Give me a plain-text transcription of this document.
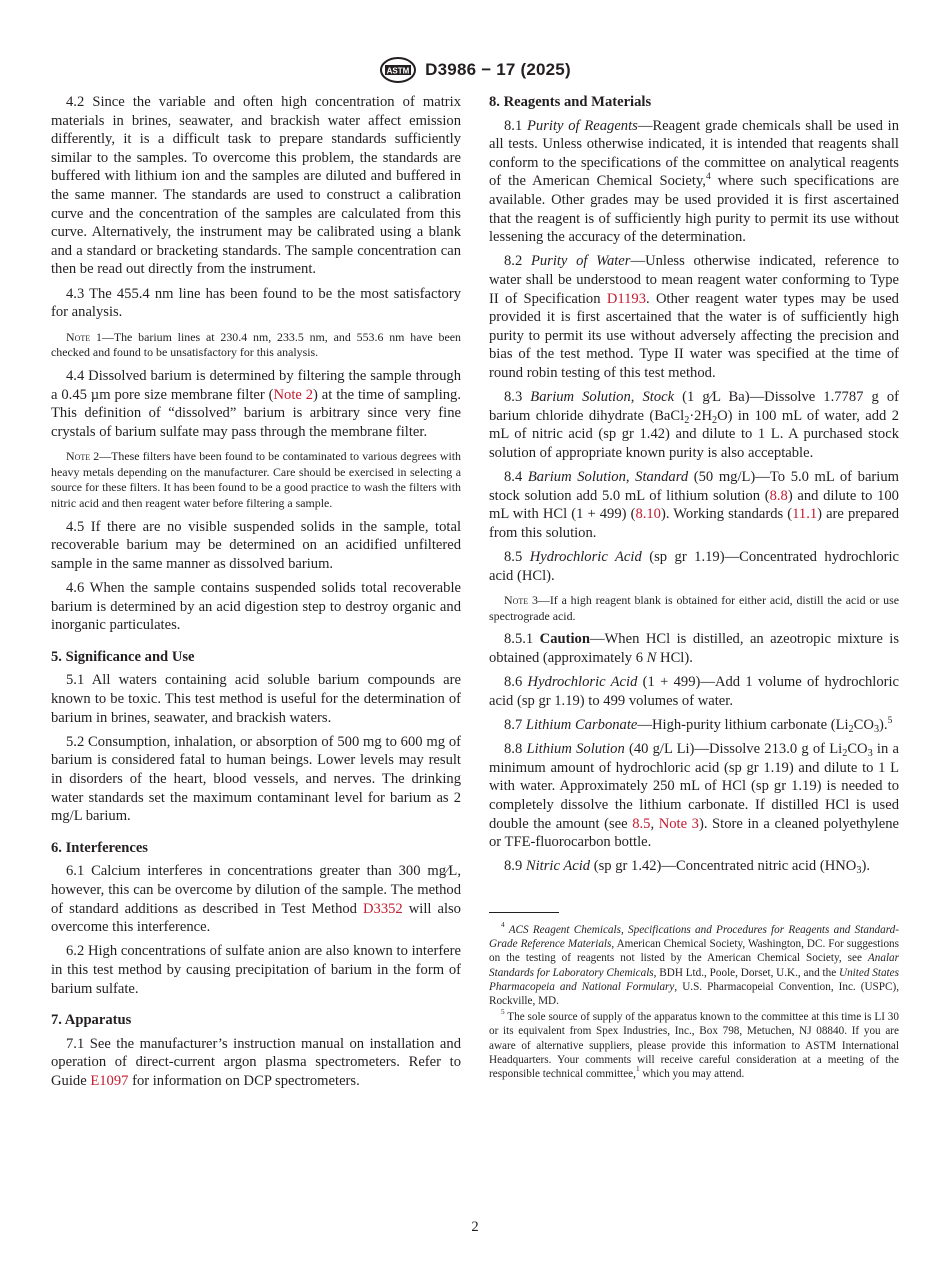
ASTM D3986 − 17 (2025)

4.2 Since the variable and often high concentration of matrix materials in brines, seawater, and brackish water affect emission differently, it is a difficult task to prepare standards sufficiently similar to the samples. To overcome this problem, the standards are buffered with lithium ion and the samples are diluted and buffered in the same manner. The standards are used to construct a calibration curve and the concentration of the samples are calculated from this curve. Alternatively, the instrument may be calibrated using a blank and a standard or bracketing standards. The sample concentration can then be read out directly from the instrument.

4.3 The 455.4 nm line has been found to be the most satisfactory for analysis.

Note 1—The barium lines at 230.4 nm, 233.5 nm, and 553.6 nm have been checked and found to be unsatisfactory for this analysis.

4.4 Dissolved barium is determined by filtering the sample through a 0.45 µm pore size membrane filter (Note 2) at the time of sampling. This definition of “dissolved” barium is arbitrary since very fine crystals of barium sulfate may pass through the membrane filter.

Note 2—These filters have been found to be contaminated to various degrees with heavy metals depending on the manufacturer. Care should be exercised in selecting a source for these filters. It has been found to be a good practice to wash the filters with nitric acid and then reagent water before filtering a sample.

4.5 If there are no visible suspended solids in the sample, total recoverable barium may be determined on an acidified unfiltered sample in the same manner as dissolved barium.

4.6 When the sample contains suspended solids total recoverable barium is determined by an acid digestion step to destroy organic and inorganic particulates.

5. Significance and Use

5.1 All waters containing acid soluble barium compounds are known to be toxic. This test method is useful for the determination of barium in brines, seawater, and brackish waters.

5.2 Consumption, inhalation, or absorption of 500 mg to 600 mg of barium is considered fatal to human beings. Lower levels may result in disorders of the heart, blood vessels, and nerves. The drinking water standards set the maximum contaminant level for barium as 2 mg/L barium.

6. Interferences

6.1 Calcium interferes in concentrations greater than 300 mg⁄L, however, this can be overcome by dilution of the sample. The method of standard additions as described in Test Method D3352 will also overcome this interference.

6.2 High concentrations of sulfate anion are also known to interfere in this test method by causing precipitation of barium in the form of barium sulfate.

7. Apparatus

7.1 See the manufacturer’s instruction manual on installation and operation of direct-current argon plasma spectrometers. Refer to Guide E1097 for information on DCP spectrometers.

8. Reagents and Materials

8.1 Purity of Reagents—Reagent grade chemicals shall be used in all tests. Unless otherwise indicated, it is intended that reagents shall conform to the specifications of the committee on analytical reagents of the American Chemical Society,$^4$ where such specifications are available. Other grades may be used provided it is first ascertained that the reagent is of sufficiently high purity to permit its use without lessening the accuracy of the determination.

8.2 Purity of Water—Unless otherwise indicated, reference to water shall be understood to mean reagent water conforming to Type II of Specification D1193. Other reagent water types may be used provided it is first ascertained that the water is of sufficiently high purity to permit its use without adversely affecting the precision and bias of the test method. Type II water was specified at the time of round robin testing of this test method.

8.3 Barium Solution, Stock (1 g⁄L Ba)—Dissolve 1.7787 g of barium chloride dihydrate $(BaCl_2\cdot 2H_2O)$ in 100 mL of water, add 2 mL of nitric acid (sp gr 1.42) and dilute to 1 L. A purchased stock solution of appropriate known purity is also acceptable.

8.4 Barium Solution, Standard (50 mg/L)—To 5.0 mL of barium stock solution add 5.0 mL of lithium solution (8.8) and dilute to 100 mL with HCl (1 + 499) (8.10). Working standards (11.1) are prepared from this solution.

8.5 Hydrochloric Acid (sp gr 1.19)—Concentrated hydrochloric acid (HCl).

Note 3—If a high reagent blank is obtained for either acid, distill the acid or use spectrograde acid.

8.5.1 Caution—When HCl is distilled, an azeotropic mixture is obtained (approximately 6 N HCl).

8.6 Hydrochloric Acid (1 + 499)—Add 1 volume of hydrochloric acid (sp gr 1.19) to 499 volumes of water.

8.7 Lithium Carbonate—High-purity lithium carbonate $(Li_2CO_3).^5$

8.8 Lithium Solution (40 g/L Li)—Dissolve 213.0 g of $Li_2CO_3$ in a minimum amount of hydrochloric acid (sp gr 1.19) and dilute to 1 L with water. Approximately 250 mL of HCl (sp gr 1.19) is needed to completely dissolve the lithium carbonate. If distilled HCl is used double the amount (see 8.5, Note 3). Store in a cleaned polyethylene or TFE-fluorocarbon bottle.

8.9 Nitric Acid (sp gr 1.42)—Concentrated nitric acid $(HNO_3)$.

$^4$ ACS Reagent Chemicals, Specifications and Procedures for Reagents and Standard-Grade Reference Materials, American Chemical Society, Washington, DC. For suggestions on the testing of reagents not listed by the American Chemical Society, see Analar Standards for Laboratory Chemicals, BDH Ltd., Poole, Dorset, U.K., and the United States Pharmacopeia and National Formulary, U.S. Pharmacopeial Convention, Inc. (USPC), Rockville, MD.
$^5$ The sole source of supply of the apparatus known to the committee at this time is LI 30 or its equivalent from Spex Industries, Inc., Box 798, Metuchen, NJ 08840. If you are aware of alternative suppliers, please provide this information to ASTM International Headquarters. Your comments will receive careful consideration at a meeting of the responsible technical committee,$^1$ which you may attend.
2
